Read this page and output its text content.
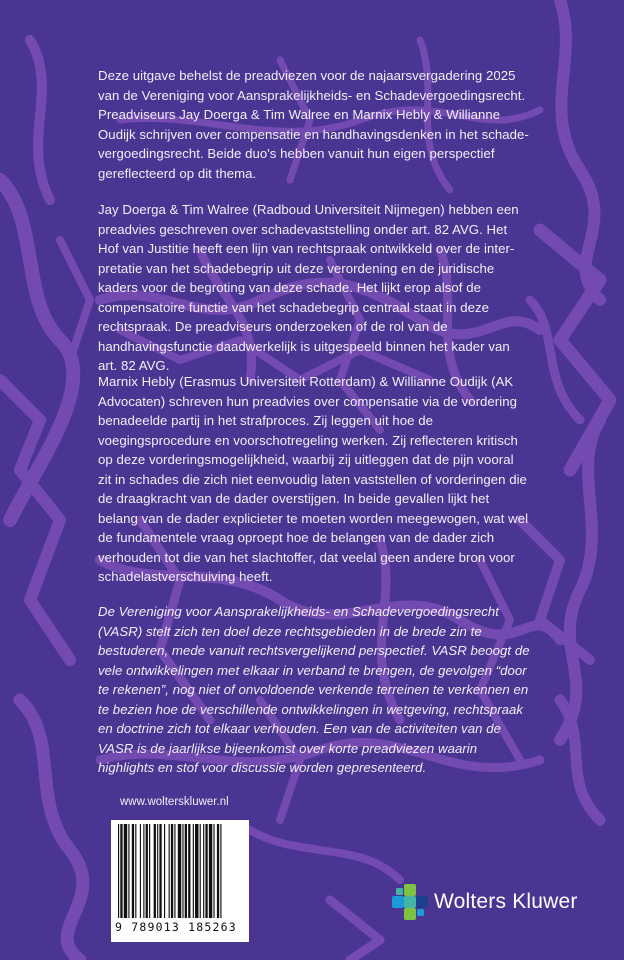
Deze uitgave behelst de preadviezen voor de najaarsvergadering 2025 van de Vereniging voor Aansprakelijkheids- en Schadevergoedingsrecht. Preadviseurs Jay Doerga & Tim Walree en Marnix Hebly & Willianne Oudijk schrijven over compensatie en handhavingsdenken in het schadevergoedingsrecht. Beide duo's hebben vanuit hun eigen perspectief gereflecteerd op dit thema.

Jay Doerga & Tim Walree (Radboud Universiteit Nijmegen) hebben een preadvies geschreven over schadevaststelling onder art. 82 AVG. Het Hof van Justitie heeft een lijn van rechtspraak ontwikkeld over de interpretatie van het schadebegrip uit deze verordening en de juridische kaders voor de begroting van deze schade. Het lijkt erop alsof de compensatoire functie van het schadebegrip centraal staat in deze rechtspraak. De preadviseurs onderzoeken of de rol van de handhavingsfunctie daadwerkelijk is uitgespeeld binnen het kader van art. 82 AVG.

Marnix Hebly (Erasmus Universiteit Rotterdam) & Willianne Oudijk (AK Advocaten) schreven hun preadvies over compensatie via de vordering benadeelde partij in het strafproces. Zij leggen uit hoe de voegingsprocedure en voorschotregeling werken. Zij reflecteren kritisch op deze vorderingsmogelijkheid, waarbij zij uitleggen dat de pijn vooral zit in schades die zich niet eenvoudig laten vaststellen of vorderingen die de draagkracht van de dader overstijgen. In beide gevallen lijkt het belang van de dader explicieter te moeten worden meegewogen, wat wel de fundamentele vraag oproept hoe de belangen van de dader zich verhouden tot die van het slachtoffer, dat veelal geen andere bron voor schadelastverschuiving heeft.

De Vereniging voor Aansprakelijkheids- en Schadevergoedingsrecht (VASR) stelt zich ten doel deze rechtsgebieden in de brede zin te bestuderen, mede vanuit rechtsvergelijkend perspectief. VASR beoogt de vele ontwikkelingen met elkaar in verband te brengen, de gevolgen “door te rekenen”, nog niet of onvoldoende verkende terreinen te verkennen en te bezien hoe de verschillende ontwikkelingen in wetgeving, rechtspraak en doctrine zich tot elkaar verhouden. Een van de activiteiten van de VASR is de jaarlijkse bijeenkomst over korte preadviezen waarin highlights en stof voor discussie worden gepresenteerd.

www.wolterskluwer.nl
9 789013 185263
Wolters Kluwer
